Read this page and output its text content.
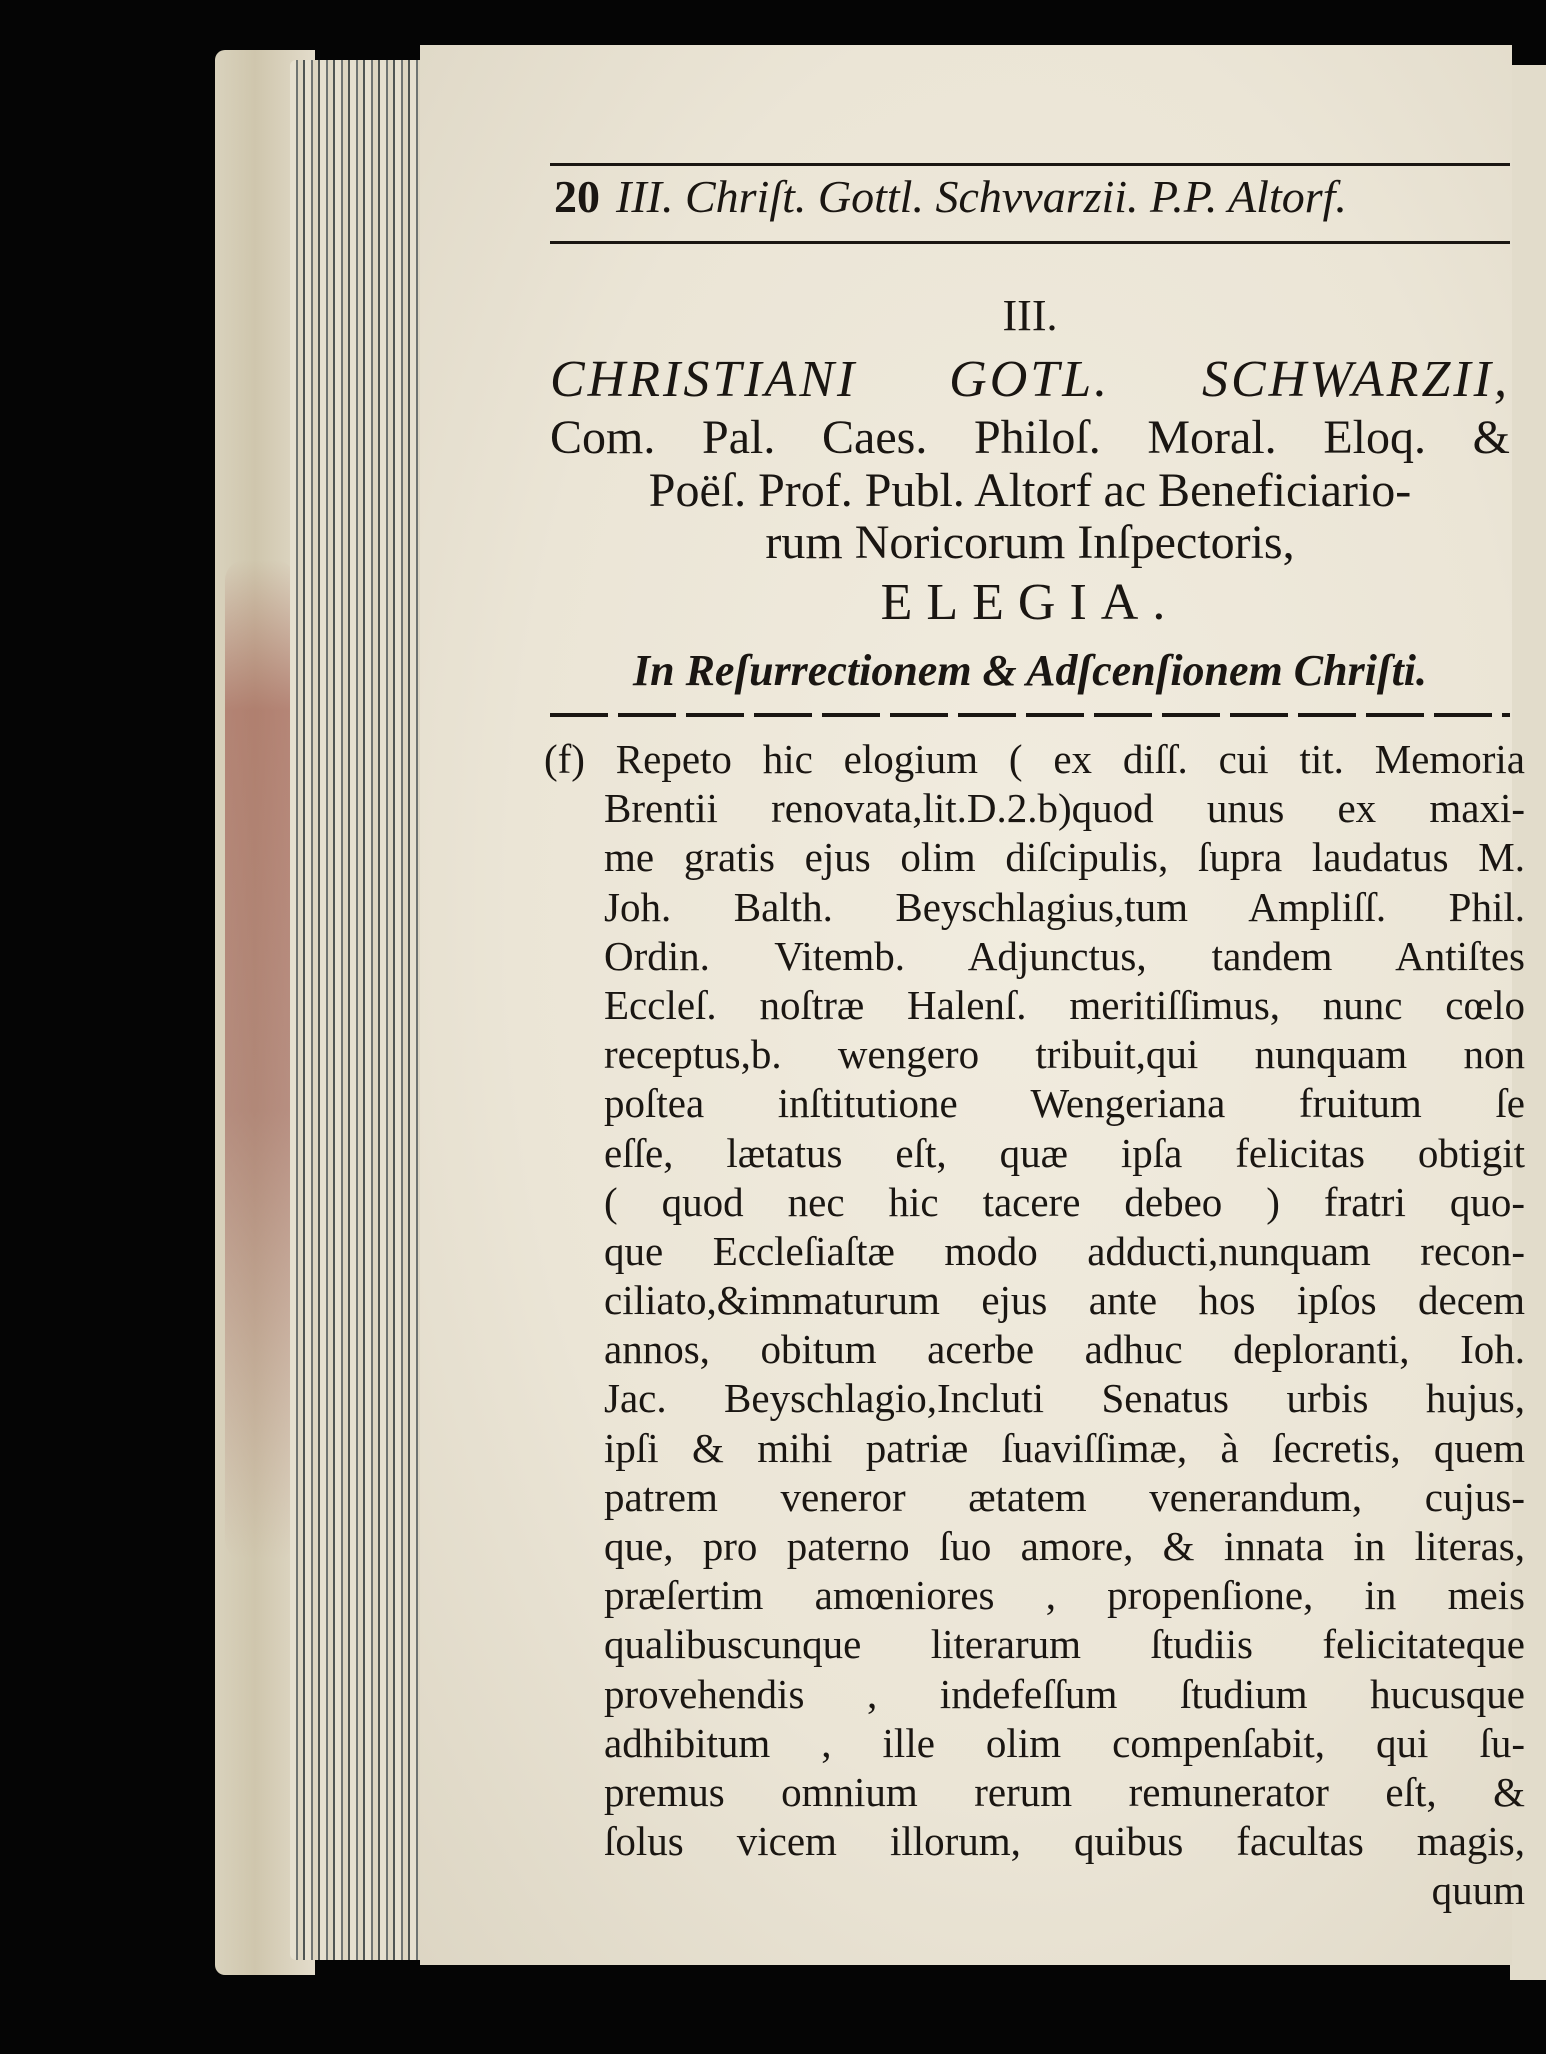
20 III. Chriſt. Gottl. Schvvarzii. P.P. Altorf.
III.
CHRISTIANI GOTL. SCHWARZII,
Com. Pal. Caes. Philoſ. Moral. Eloq. &
Poëſ. Prof. Publ. Altorf ac Beneficiario-
rum Noricorum Inſpectoris,
ELEGIA.
In Reſurrectionem & Adſcenſionem Chriſti.
(f) Repeto hic elogium ( ex diſſ. cui tit. Memoria
Brentii renovata,lit.D.2.b)quod unus ex maxi-
me gratis ejus olim diſcipulis, ſupra laudatus M.
Joh. Balth. Beyschlagius,tum Ampliſſ. Phil.
Ordin. Vitemb. Adjunctus, tandem Antiſtes
Eccleſ. noſtræ Halenſ. meritiſſimus, nunc cœlo
receptus,b. wengero tribuit,qui nunquam non
poſtea inſtitutione Wengeriana fruitum ſe
eſſe, lætatus eſt, quæ ipſa felicitas obtigit
( quod nec hic tacere debeo ) fratri quo-
que Eccleſiaſtæ modo adducti,nunquam recon-
ciliato,&immaturum ejus ante hos ipſos decem
annos, obitum acerbe adhuc deploranti, Ioh.
Jac. Beyschlagio,Incluti Senatus urbis hujus,
ipſi & mihi patriæ ſuaviſſimæ, à ſecretis, quem
patrem veneror ætatem venerandum, cujus-
que, pro paterno ſuo amore, & innata in literas,
præſertim amœniores , propenſione, in meis
qualibuscunque literarum ſtudiis felicitateque
provehendis , indefeſſum ſtudium hucusque
adhibitum , ille olim compenſabit, qui ſu-
premus omnium rerum remunerator eſt, &
ſolus vicem illorum, quibus facultas magis,
quum
